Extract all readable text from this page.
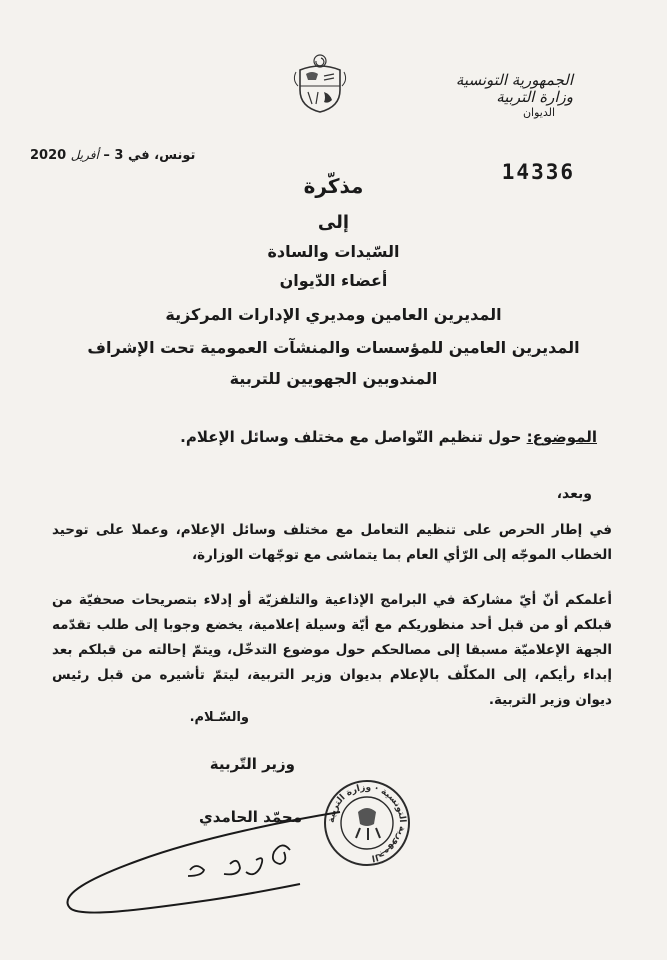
الجمهورية التونسية
وزارة التربية
الديوان
تونس، في 3 – أفريل 2020
14336
مذكّرة
إلى
السّيدات والسادة
أعضاء الدّيوان
المديرين العامين ومديري الإدارات المركزية
المديرين العامين للمؤسسات والمنشآت العمومية تحت الإشراف
المندوبين الجهويين للتربية
الموضوع: حول تنظيم التّواصل مع مختلف وسائل الإعلام.
وبعد،
في إطار الحرص على تنظيم التعامل مع مختلف وسائل الإعلام، وعملا على توحيد الخطاب الموجّه إلى الرّأي العام بما يتماشى مع توجّهات الوزارة،
أعلمكم أنّ أيّ مشاركة في البرامج الإذاعية والتلفزيّة أو إدلاء بتصريحات صحفيّة من قبلكم أو من قبل أحد منظوريكم مع أيّة وسيلة إعلامية، يخضع وجوبا إلى طلب تقدّمه الجهة الإعلاميّة مسبقا إلى مصالحكم حول موضوع التدخّل، ويتمّ إحالته من قبلكم بعد إبداء رأيكم، إلى المكلّف بالإعلام بديوان وزير التربية، ليتمّ تأشيره من قبل رئيس ديوان وزير التربية.
والسّـلام.
وزير التّربية
محمّد الحامدي	الجمهورية التونسية · وزارة التربية
